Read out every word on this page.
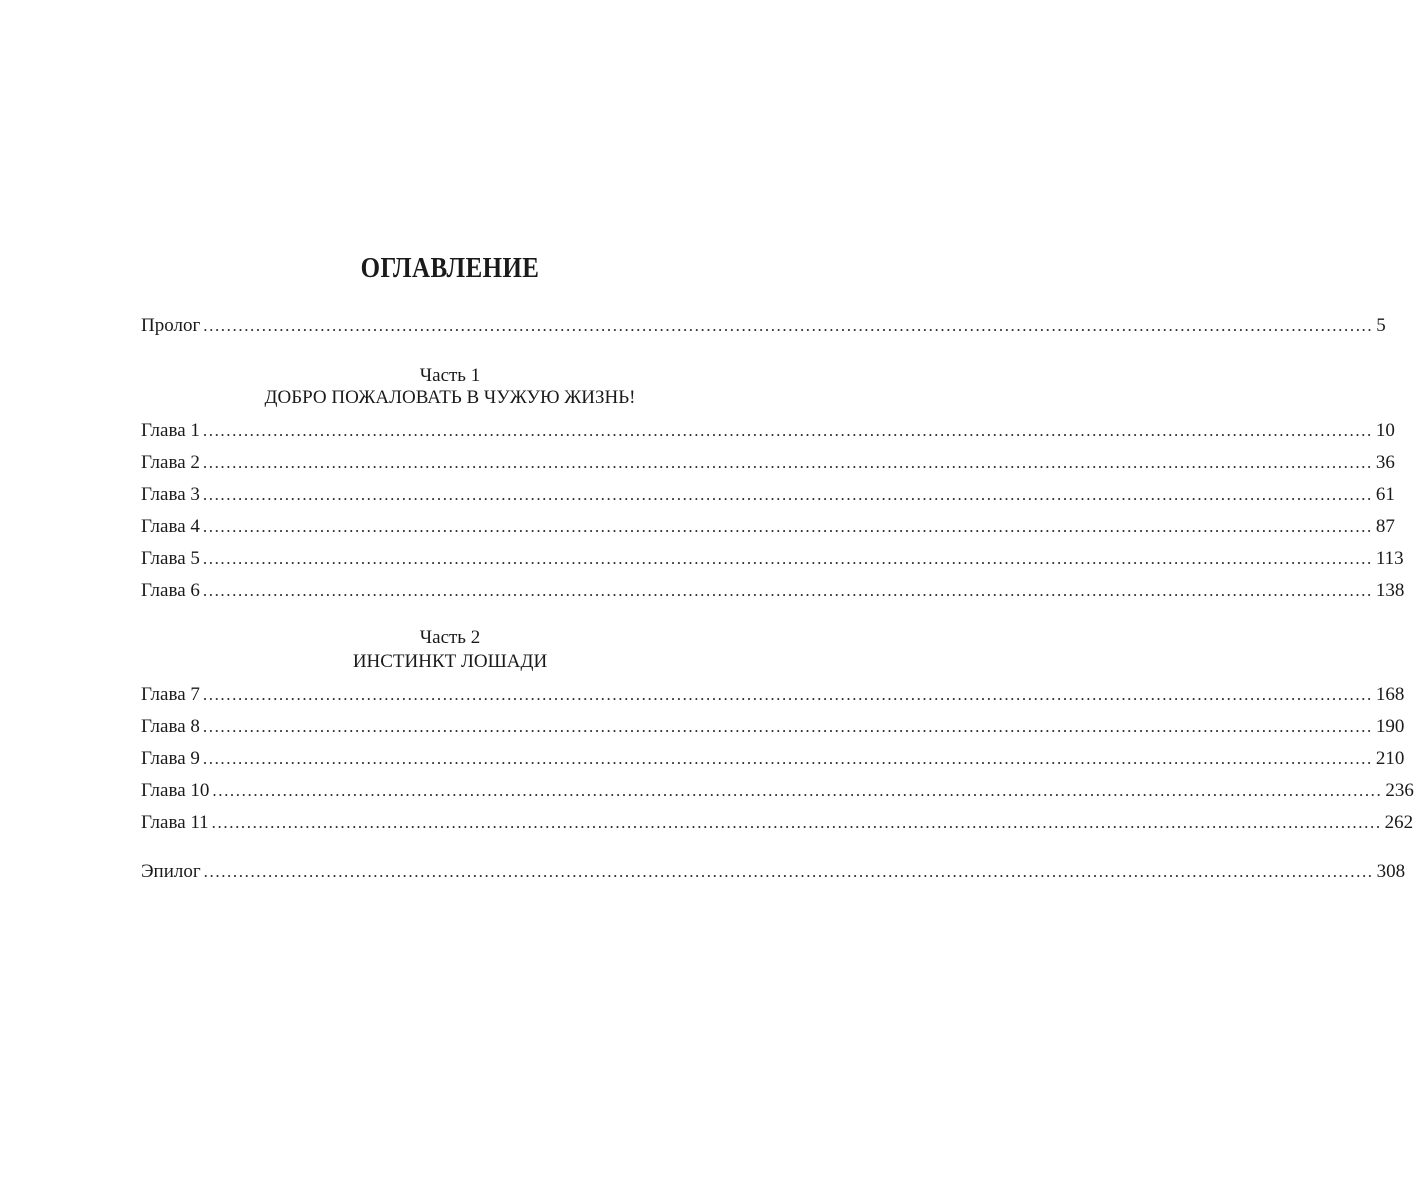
ОГЛАВЛЕНИЕ
Пролог ........................................................................................................................................................................................................ 5
Часть 1
ДОБРО ПОЖАЛОВАТЬ В ЧУЖУЮ ЖИЗНЬ!
Глава 1 ........................................................................................................................................................................................................ 10
Глава 2 ........................................................................................................................................................................................................ 36
Глава 3 ........................................................................................................................................................................................................ 61
Глава 4 ........................................................................................................................................................................................................ 87
Глава 5 ........................................................................................................................................................................................................ 113
Глава 6 ........................................................................................................................................................................................................ 138
Часть 2
ИНСТИНКТ ЛОШАДИ
Глава 7 ........................................................................................................................................................................................................ 168
Глава 8 ........................................................................................................................................................................................................ 190
Глава 9 ........................................................................................................................................................................................................ 210
Глава 10 ........................................................................................................................................................................................................ 236
Глава 11 ........................................................................................................................................................................................................ 262
Эпилог ........................................................................................................................................................................................................ 308
